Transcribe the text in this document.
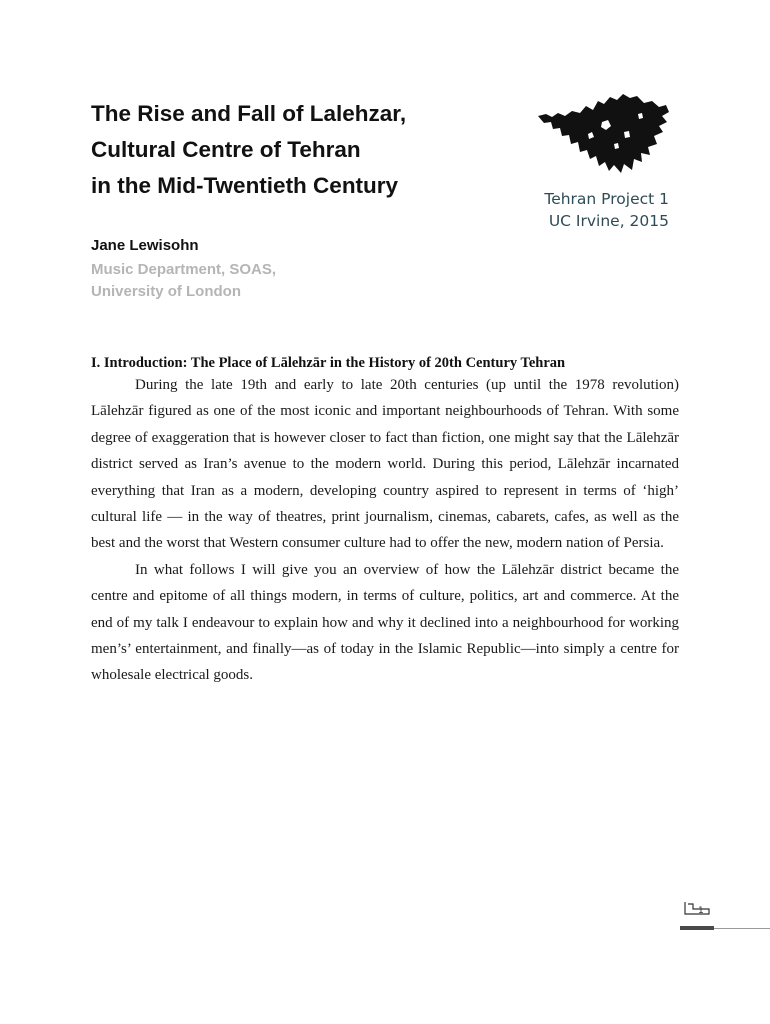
The Rise and Fall of Lalehzar,
Cultural Centre of Tehran
in the Mid-Twentieth Century
Tehran Project 1
UC Irvine, 2015
Jane Lewisohn
Music Department, SOAS,
University of London
I. Introduction: The Place of Lālehzār in the History of 20th Century Tehran

During the late 19th and early to late 20th centuries (up until the 1978 revolution) Lālehzār figured as one of the most iconic and important neighbourhoods of Tehran. With some degree of exaggeration that is however closer to fact than fiction, one might say that the Lālehzār district served as Iran’s avenue to the modern world. During this period, Lālehzār incarnated everything that Iran as a modern, developing country aspired to represent in terms of ‘high’ cultural life — in the way of theatres, print journalism, cinemas, cabarets, cafes, as well as the best and the worst that Western consumer culture had to offer the new, modern nation of Persia.

In what follows I will give you an overview of how the Lālehzār district became the centre and epitome of all things modern, in terms of culture, politics, art and commerce. At the end of my talk I endeavour to explain how and why it declined into a neighbourhood for working men’s’ entertainment, and finally—as of today in the Islamic Republic—into simply a centre for wholesale electrical goods.

1
